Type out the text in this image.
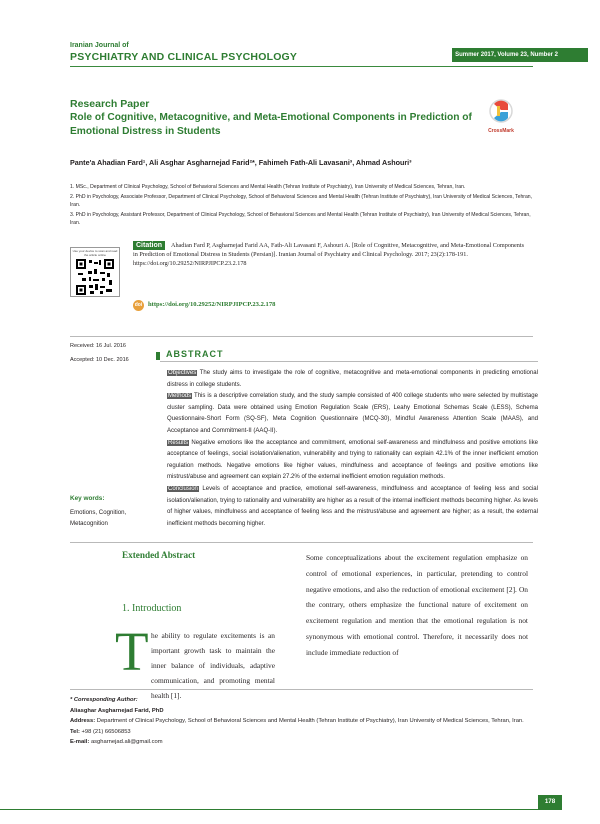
Iranian Journal of
PSYCHIATRY AND CLINICAL PSYCHOLOGY	Summer 2017, Volume 23, Number 2
Research Paper
Role of Cognitive, Metacognitive, and Meta-Emotional Components in Prediction of Emotional Distress in Students	CrossMark
Pante'a Ahadian Fard¹, Ali Asghar Asgharnejad Farid²*, Fahimeh Fath-Ali Lavasani³, Ahmad Ashouri³
1. MSc., Department of Clinical Psychology, School of Behavioral Sciences and Mental Health (Tehran Institute of Psychiatry), Iran University of Medical Sciences, Tehran, Iran.
2. PhD in Psychology, Associate Professor, Department of Clinical Psychology, School of Behavioral Sciences and Mental Health (Tehran Institute of Psychiatry), Iran University of Medical Sciences, Tehran, Iran.
3. PhD in Psychology, Assistant Professor, Department of Clinical Psychology, School of Behavioral Sciences and Mental Health (Tehran Institute of Psychiatry), Iran University of Medical Sciences, Tehran, Iran.
Use your device to scan and read the article online
Ahadian Fard P, Asgharnejad Farid AA, Fath-Ali Lavasani F, Ashouri A. [Role of Cognitive, Metacognitive, and Meta-Emotional Components in Prediction of Emotional Distress in Students (Persian)]. Iranian Journal of Psychiatry and Clinical Psychology. 2017; 23(2):178-191. https://doi.org/10.29252/NIRPJIPCP.23.2.178
Citation
doi https://doi.org/10.29252/NIRPJIPCP.23.2.178
Received: 16 Jul. 2016
Accepted: 10 Dec. 2016
ABSTRACT
Objectives The study aims to investigate the role of cognitive, metacognitive and meta-emotional components in predicting emotional distress in college students.
Methods This is a descriptive correlation study, and the study sample consisted of 400 college students who were selected by multistage cluster sampling. Data were obtained using Emotion Regulation Scale (ERS), Leahy Emotional Schemas Scale (LESS), Schema Questionnaire-Short Form (SQ-SF), Meta Cognition Questionnaire (MCQ-30), Mindful Awareness Attention Scale (MAAS), and Acceptance and Commitment-II (AAQ-II).
Results Negative emotions like the acceptance and commitment, emotional self-awareness and mindfulness and positive emotions like acceptance of feelings, social isolation/alienation, vulnerability and trying to rationality can explain 42.1% of the inner inefficient emotion regulation methods. Negative emotions like higher values, mindfulness and acceptance of feelings and positive emotions like mistrust/abuse and agreement can explain 27.2% of the external inefficient emotion regulation methods.
Conclusion Levels of acceptance and practice, emotional self-awareness, mindfulness and acceptance of feeling less and social isolation/alienation, trying to rationality and vulnerability are higher as a result of the internal inefficient methods becoming higher. As levels of higher values, mindfulness and acceptance of feeling less and the mistrust/abuse and agreement are higher; as a result, the external inefficient methods becoming higher.
Key words:
Emotions, Cognition, Metacognition
Extended Abstract
1. Introduction
T he ability to regulate excitements is an important growth task to maintain the inner balance of individuals, adaptive communication, and promoting mental health [1].
Some conceptualizations about the excitement regulation emphasize on control of emotional experiences, in particular, pretending to control negative emotions, and also the reduction of emotional excitement [2]. On the contrary, others emphasize the functional nature of excitement on excitement regulation and mention that the emotional regulation is not synonymous with emotional control. Therefore, it necessarily does not include immediate reduction of
* Corresponding Author:
Aliasghar Asgharnejad Farid, PhD
Address: Department of Clinical Psychology, School of Behavioral Sciences and Mental Health (Tehran Institute of Psychiatry), Iran University of Medical Sciences, Tehran, Iran.
Tel: +98 (21) 66506853
E-mail: asgharnejad.ali@gmail.com
178
